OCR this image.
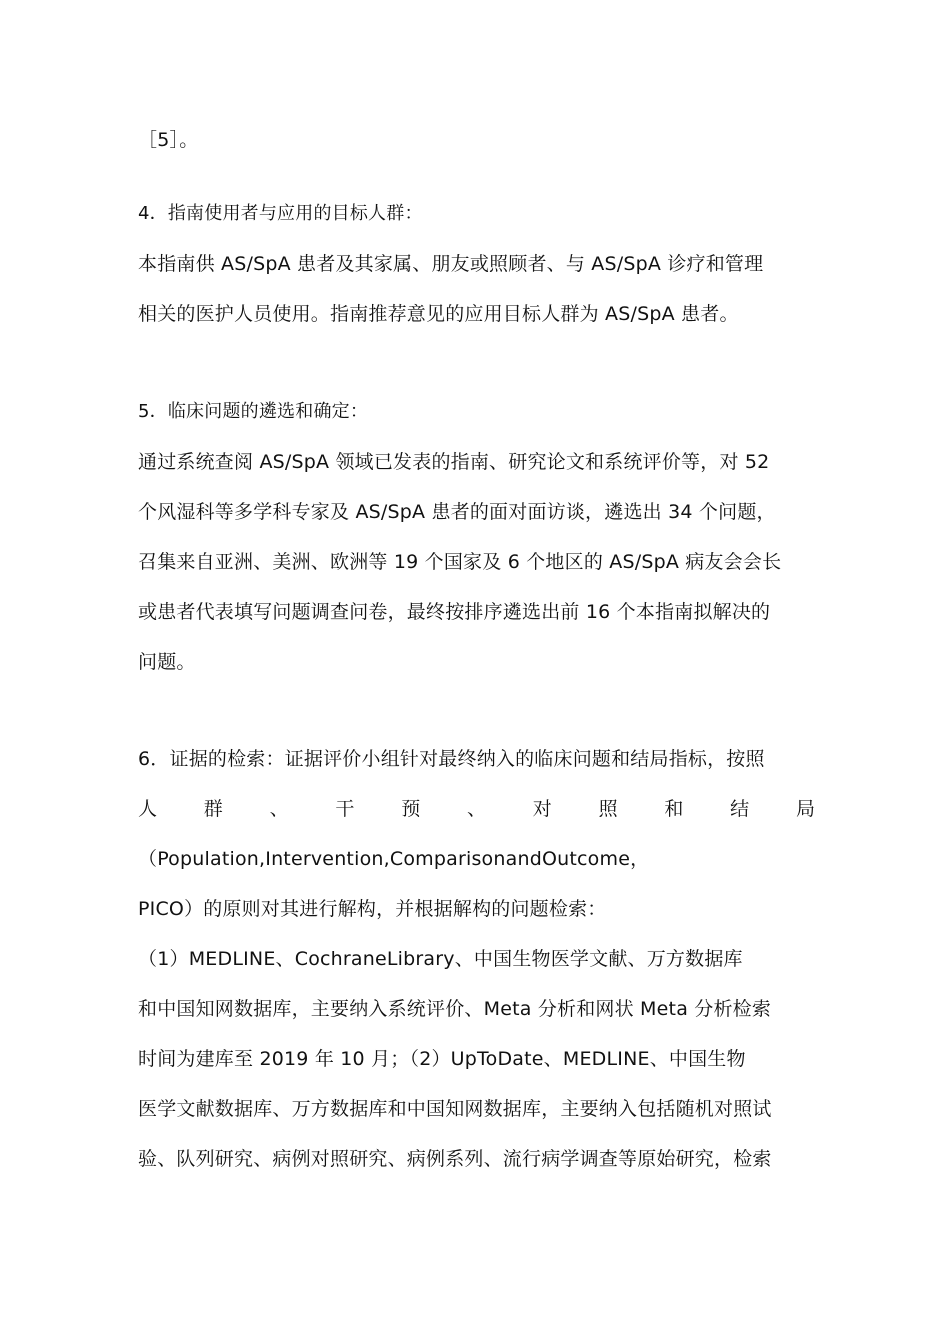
［5］。
4．指南使用者与应用的目标人群：
本指南供 AS/SpA 患者及其家属、朋友或照顾者、与 AS/SpA 诊疗和管理
相关的医护人员使用。指南推荐意见的应用目标人群为 AS/SpA 患者。
5．临床问题的遴选和确定：
通过系统查阅 AS/SpA 领域已发表的指南、研究论文和系统评价等，对 52
个风湿科等多学科专家及 AS/SpA 患者的面对面访谈，遴选出 34 个问题，
召集来自亚洲、美洲、欧洲等 19 个国家及 6 个地区的 AS/SpA 病友会会长
或患者代表填写问题调查问卷，最终按排序遴选出前 16 个本指南拟解决的
问题。
6．证据的检索：证据评价小组针对最终纳入的临床问题和结局指标，按照
人 群 、 干 预 、 对 照 和 结 局
（Population,Intervention,ComparisonandOutcome，
PICO）的原则对其进行解构，并根据解构的问题检索：
（1）MEDLINE、CochraneLibrary、中国生物医学文献、万方数据库
和中国知网数据库，主要纳入系统评价、Meta 分析和网状 Meta 分析检索
时间为建库至 2019 年 10 月；（2）UpToDate、MEDLINE、中国生物
医学文献数据库、万方数据库和中国知网数据库，主要纳入包括随机对照试
验、队列研究、病例对照研究、病例系列、流行病学调查等原始研究，检索
